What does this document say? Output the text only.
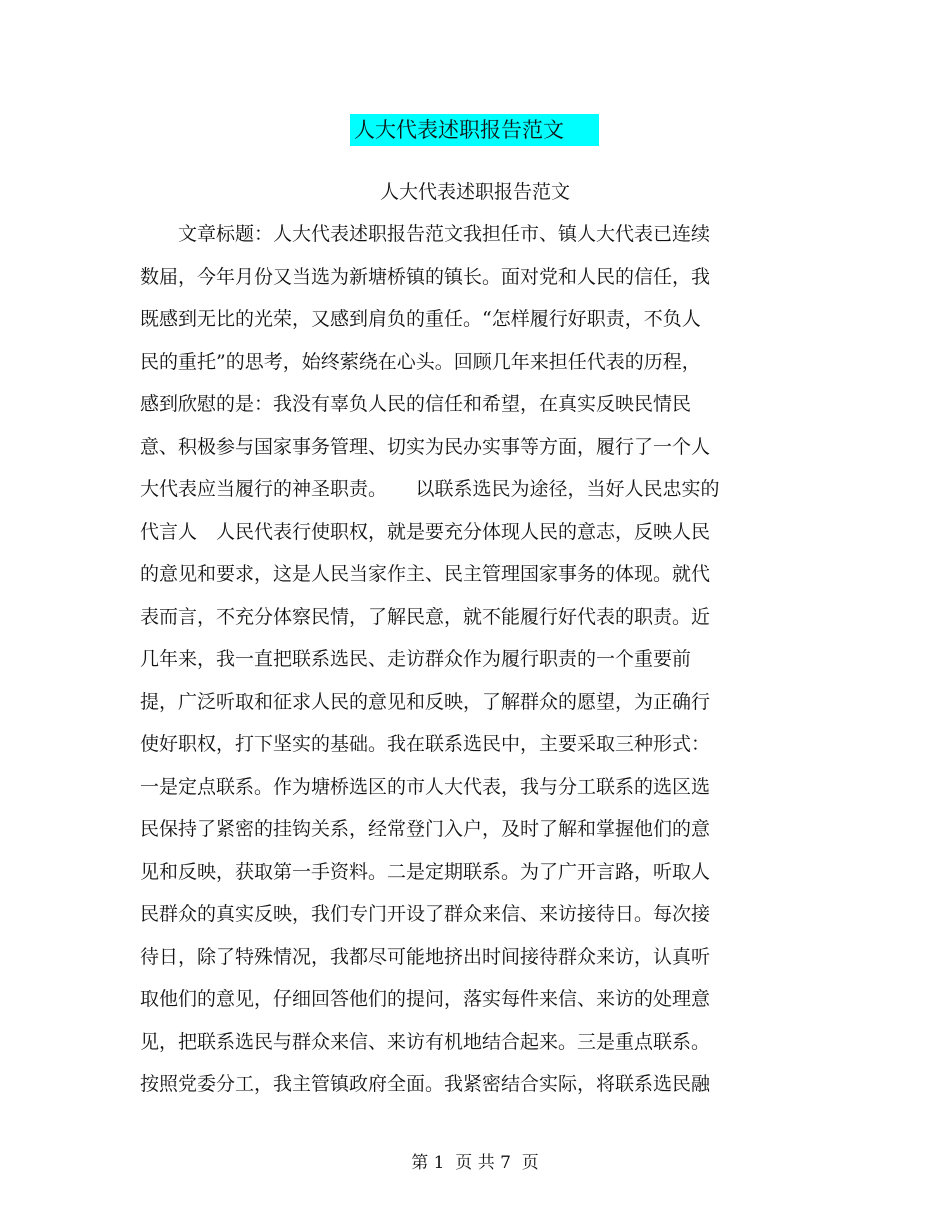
人大代表述职报告范文
人大代表述职报告范文
　　文章标题：人大代表述职报告范文我担任市、镇人大代表已连续
数届，今年月份又当选为新塘桥镇的镇长。面对党和人民的信任，我
既感到无比的光荣，又感到肩负的重任。“怎样履行好职责，不负人
民的重托”的思考，始终萦绕在心头。回顾几年来担任代表的历程，
感到欣慰的是：我没有辜负人民的信任和希望，在真实反映民情民
意、积极参与国家事务管理、切实为民办实事等方面，履行了一个人
大代表应当履行的神圣职责。　　以联系选民为途径，当好人民忠实的
代言人　人民代表行使职权，就是要充分体现人民的意志，反映人民
的意见和要求，这是人民当家作主、民主管理国家事务的体现。就代
表而言，不充分体察民情，了解民意，就不能履行好代表的职责。近
几年来，我一直把联系选民、走访群众作为履行职责的一个重要前
提，广泛听取和征求人民的意见和反映，了解群众的愿望，为正确行
使好职权，打下坚实的基础。我在联系选民中，主要采取三种形式：
一是定点联系。作为塘桥选区的市人大代表，我与分工联系的选区选
民保持了紧密的挂钩关系，经常登门入户，及时了解和掌握他们的意
见和反映，获取第一手资料。二是定期联系。为了广开言路，听取人
民群众的真实反映，我们专门开设了群众来信、来访接待日。每次接
待日，除了特殊情况，我都尽可能地挤出时间接待群众来访，认真听
取他们的意见，仔细回答他们的提问，落实每件来信、来访的处理意
见，把联系选民与群众来信、来访有机地结合起来。三是重点联系。
按照党委分工，我主管镇政府全面。我紧密结合实际，将联系选民融
第 1  页 共 7  页
